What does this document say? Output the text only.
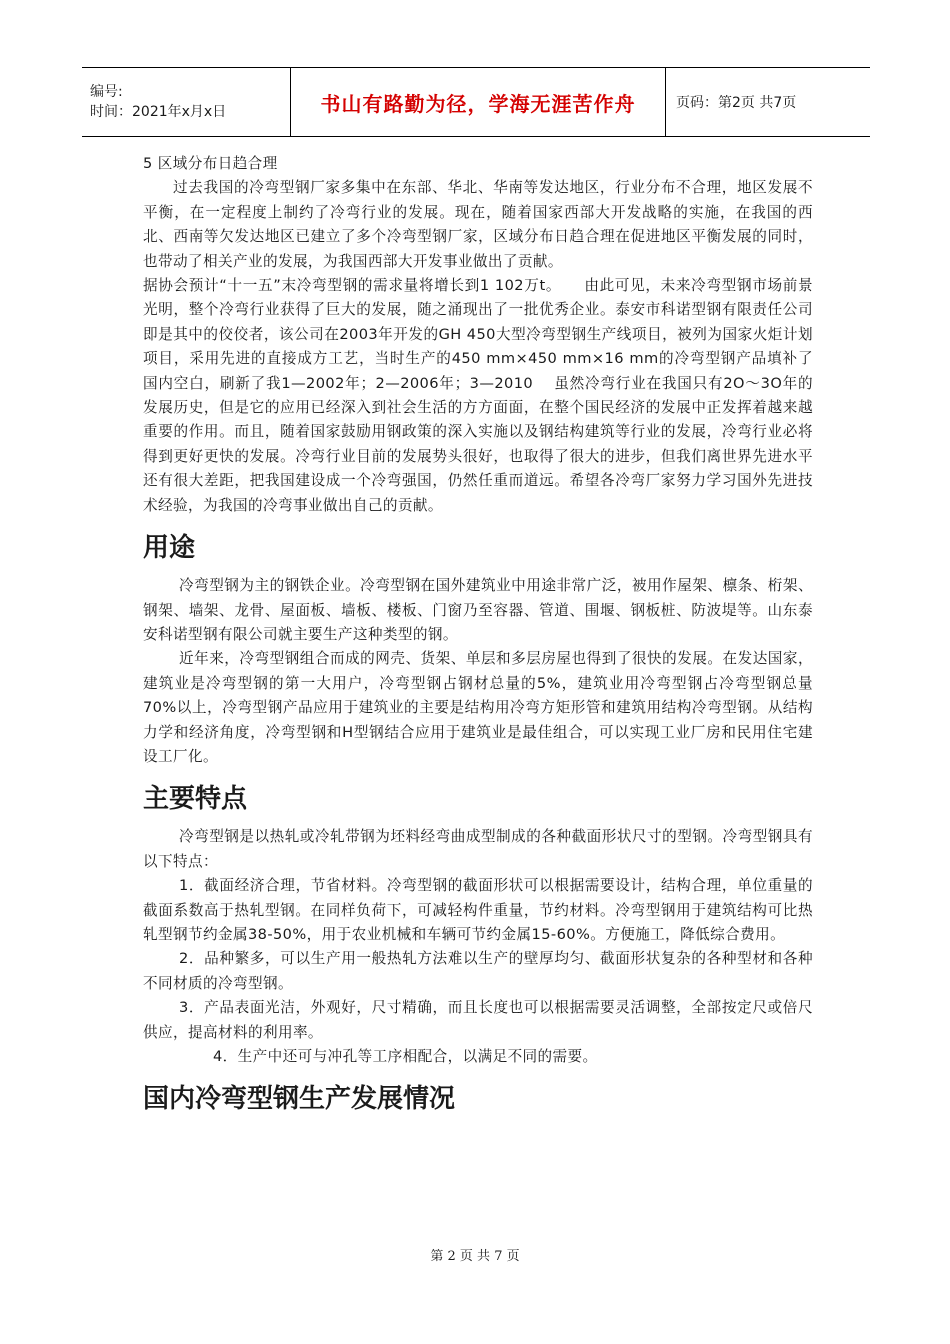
编号:
时间：2021年x月x日	书山有路勤为径，学海无涯苦作舟	页码：第2页 共7页

5 区域分布日趋合理

过去我国的冷弯型钢厂家多集中在东部、华北、华南等发达地区，行业分布不合理，地区发展不平衡，在一定程度上制约了冷弯行业的发展。现在，随着国家西部大开发战略的实施，在我国的西北、西南等欠发达地区已建立了多个冷弯型钢厂家，区域分布日趋合理在促进地区平衡发展的同时，也带动了相关产业的发展，为我国西部大开发事业做出了贡献。

据协会预计“十一五”末冷弯型钢的需求量将增长到1 102万t。　　由此可见，未来冷弯型钢市场前景光明，整个冷弯行业获得了巨大的发展，随之涌现出了一批优秀企业。泰安市科诺型钢有限责任公司即是其中的佼佼者，该公司在2003年开发的GH 450大型冷弯型钢生产线项目，被列为国家火炬计划项目，采用先进的直接成方工艺，当时生产的450 mm×450 mm×16 mm的冷弯型钢产品填补了国内空白，刷新了我1—2002年；2—2006年；3—2010　 虽然冷弯行业在我国只有2O～3O年的发展历史，但是它的应用已经深入到社会生活的方方面面，在整个国民经济的发展中正发挥着越来越重要的作用。而且，随着国家鼓励用钢政策的深入实施以及钢结构建筑等行业的发展，冷弯行业必将得到更好更快的发展。冷弯行业目前的发展势头很好，也取得了很大的进步，但我们离世界先进水平还有很大差距，把我国建设成一个冷弯强国，仍然任重而道远。希望各冷弯厂家努力学习国外先进技术经验，为我国的冷弯事业做出自己的贡献。

用途

冷弯型钢为主的钢铁企业。冷弯型钢在国外建筑业中用途非常广泛，被用作屋架、檩条、桁架、钢架、墙架、龙骨、屋面板、墙板、楼板、门窗乃至容器、管道、围堰、钢板桩、防波堤等。山东泰安科诺型钢有限公司就主要生产这种类型的钢。

近年来，冷弯型钢组合而成的网壳、货架、单层和多层房屋也得到了很快的发展。在发达国家，建筑业是冷弯型钢的第一大用户，冷弯型钢占钢材总量的5%，建筑业用冷弯型钢占冷弯型钢总量70%以上，冷弯型钢产品应用于建筑业的主要是结构用冷弯方矩形管和建筑用结构冷弯型钢。从结构力学和经济角度，冷弯型钢和H型钢结合应用于建筑业是最佳组合，可以实现工业厂房和民用住宅建设工厂化。

主要特点

冷弯型钢是以热轧或冷轧带钢为坯料经弯曲成型制成的各种截面形状尺寸的型钢。冷弯型钢具有以下特点：

1．截面经济合理，节省材料。冷弯型钢的截面形状可以根据需要设计，结构合理，单位重量的截面系数高于热轧型钢。在同样负荷下，可减轻构件重量，节约材料。冷弯型钢用于建筑结构可比热轧型钢节约金属38-50%，用于农业机械和车辆可节约金属15-60%。方便施工，降低综合费用。

2．品种繁多，可以生产用一般热轧方法难以生产的壁厚均匀、截面形状复杂的各种型材和各种不同材质的冷弯型钢。

3．产品表面光洁，外观好，尺寸精确，而且长度也可以根据需要灵活调整，全部按定尺或倍尺供应，提高材料的利用率。

4．生产中还可与冲孔等工序相配合，以满足不同的需要。

国内冷弯型钢生产发展情况
第 2 页 共 7 页
